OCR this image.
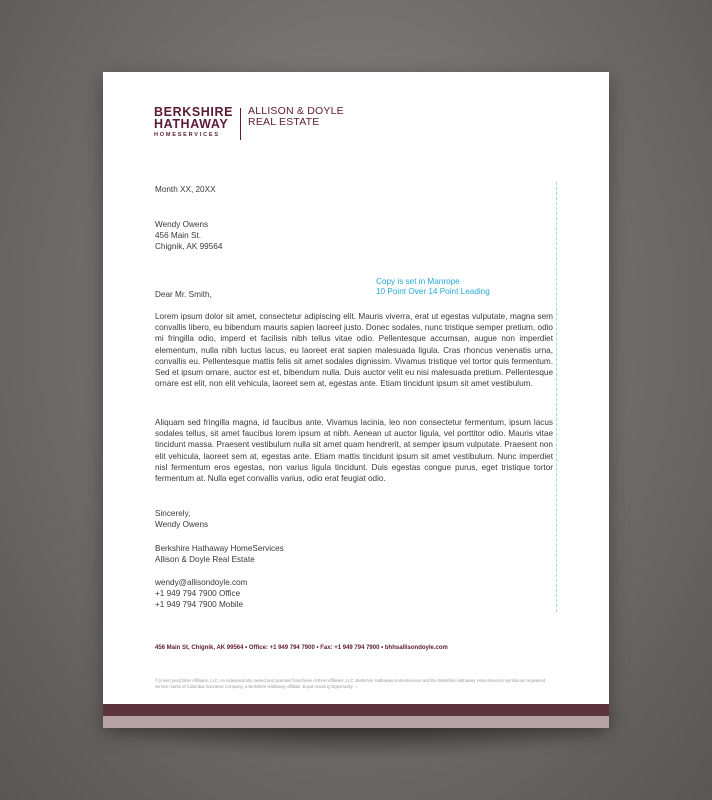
BERKSHIRE
HATHAWAY
HOMESERVICES
ALLISON & DOYLE
REAL ESTATE
Month XX, 20XX
Wendy Owens
456 Main St.
Chignik, AK 99564
Copy is set in Manrope
10 Point Over 14 Point Leading
Dear Mr. Smith,
Lorem ipsum dolor sit amet, consectetur adipiscing elit. Mauris viverra, erat ut egestas vulputate, magna sem convallis libero, eu bibendum mauris sapien laoreet justo. Donec sodales, nunc tristique semper pretium, odio mi fringilla odio, imperd et facilisis nibh tellus vitae odio. Pellentesque accumsan, augue non imperdiet elementum, nulla nibh luctus lacus, eu laoreet erat sapien malesuada ligula. Cras rhoncus venenatis urna, convallis eu. Pellentesque mattis felis sit amet sodales dignissim. Vivamus tristique vel tortor quis fermentum. Sed et ipsum ornare, auctor est et, bibendum nulla. Duis auctor velit eu nisi malesuada pretium. Pellentesque ornare est elit, non elit vehicula, laoreet sem at, egestas ante. Etiam tincidunt ipsum sit amet vestibulum.
Aliquam sed fringilla magna, id faucibus ante. Vivamus lacinia, leo non consectetur fermentum, ipsum lacus sodales tellus, sit amet faucibus lorem ipsum at nibh. Aenean ut auctor ligula, vel porttitor odio. Mauris vitae tincidunt massa. Praesent vestibulum nulla sit amet quam hendrerit, at semper ipsum vulputate. Praesent non elit vehicula, laoreet sem at, egestas ante. Etiam mattis tincidunt ipsum sit amet vestibulum. Nunc imperdiet nisl fermentum eros egestas, non varius ligula tincidunt. Duis egestas congue purus, eget tristique tortor fermentum at. Nulla eget convallis varius, odio erat feugiat odio.
Sincerely,
Wendy Owens
Berkshire Hathaway HomeServices
Allison & Doyle Real Estate
wendy@allisondoyle.com
+1 949 794 7900 Office
+1 949 794 7900 Mobile
456 Main St, Chignik, AK 99564 • Office: +1 949 794 7900 • Fax: +1 949 794 7900 • bhhsallisondoyle.com
© [insert year] BHH Affiliates, LLC. An independently owned and operated franchisee of BHH Affiliates, LLC. Berkshire Hathaway HomeServices and the Berkshire Hathaway HomeServices symbol are registered service marks of Columbia Insurance Company, a Berkshire Hathaway affiliate. Equal Housing Opportunity. ⌂
